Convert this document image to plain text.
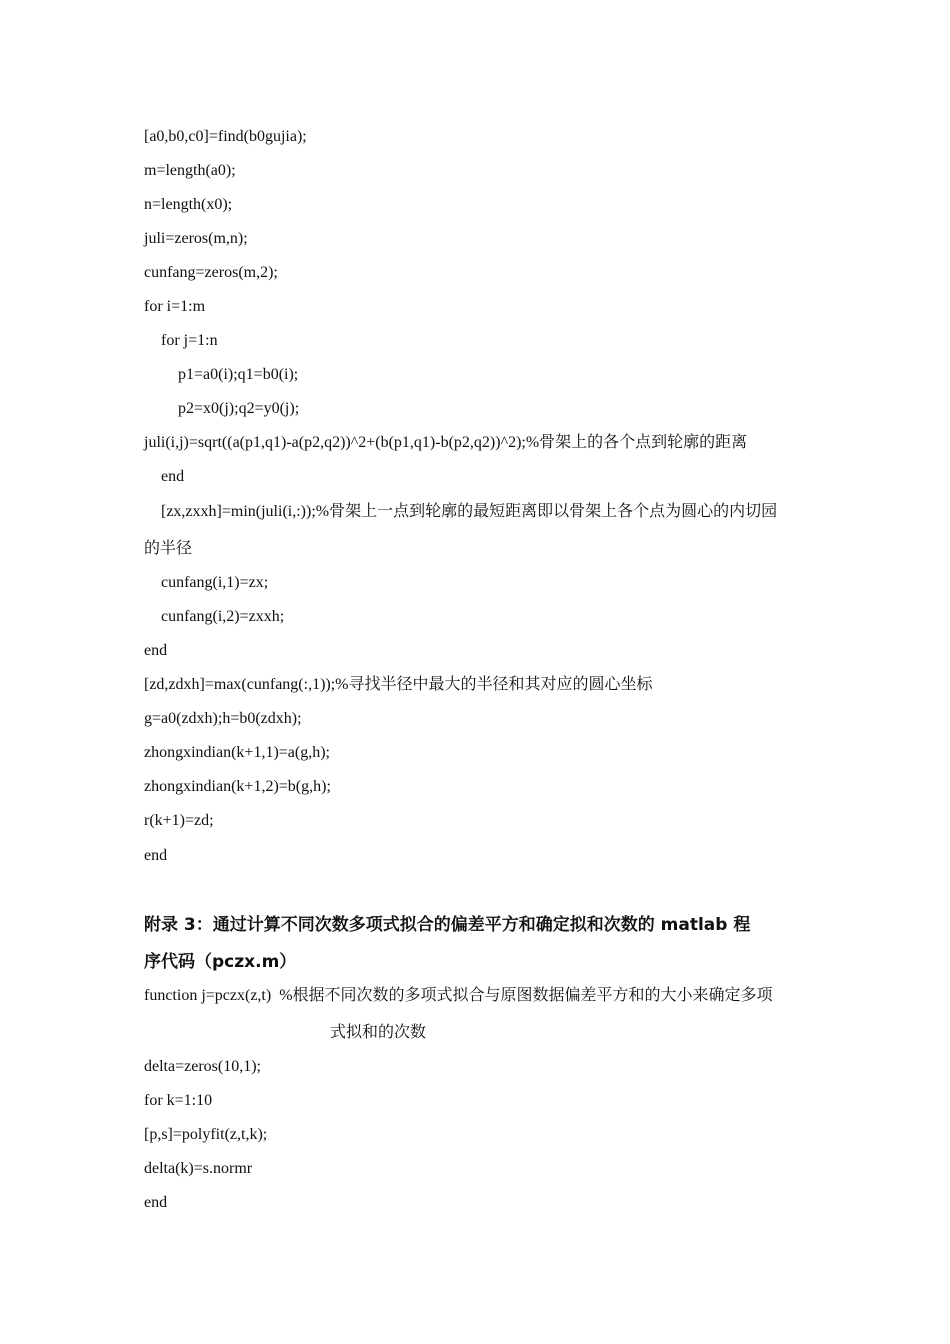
[a0,b0,c0]=find(b0gujia);
m=length(a0);
n=length(x0);
juli=zeros(m,n);
cunfang=zeros(m,2);
for i=1:m
for j=1:n
p1=a0(i);q1=b0(i);
p2=x0(j);q2=y0(j);
juli(i,j)=sqrt((a(p1,q1)-a(p2,q2))^2+(b(p1,q1)-b(p2,q2))^2);%骨架上的各个点到轮廓的距离
end
[zx,zxxh]=min(juli(i,:));%骨架上一点到轮廓的最短距离即以骨架上各个点为圆心的内切园
的半径
cunfang(i,1)=zx;
cunfang(i,2)=zxxh;
end
[zd,zdxh]=max(cunfang(:,1));%寻找半径中最大的半径和其对应的圆心坐标
g=a0(zdxh);h=b0(zdxh);
zhongxindian(k+1,1)=a(g,h);
zhongxindian(k+1,2)=b(g,h);
r(k+1)=zd;
end
附录 3：通过计算不同次数多项式拟合的偏差平方和确定拟和次数的 matlab 程
序代码（pczx.m）
function j=pczx(z,t)  %根据不同次数的多项式拟合与原图数据偏差平方和的大小来确定多项
式拟和的次数
delta=zeros(10,1);
for k=1:10
[p,s]=polyfit(z,t,k);
delta(k)=s.normr
end
